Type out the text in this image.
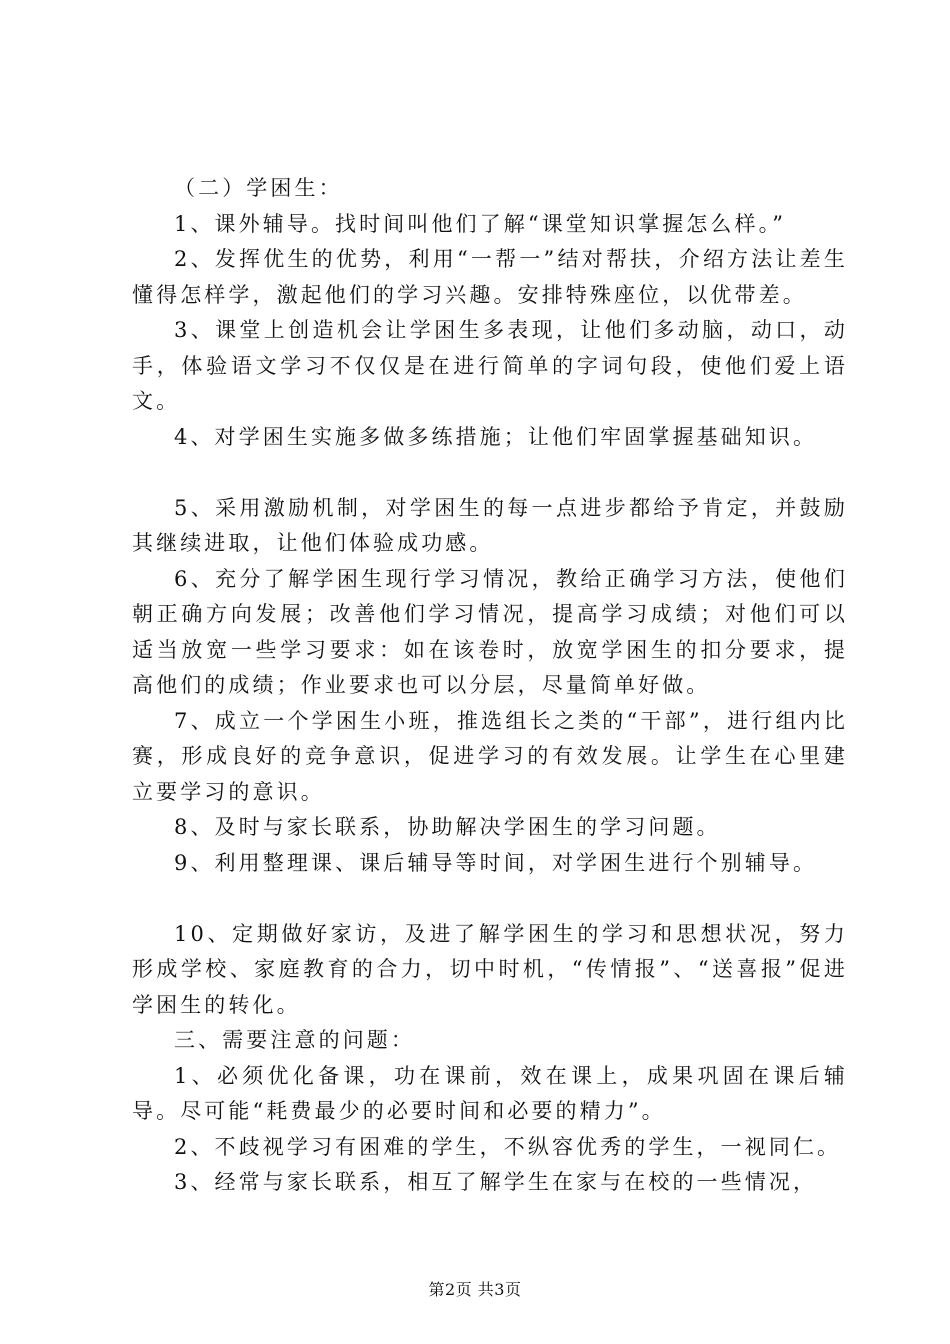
（二）学困生：

1、课外辅导。找时间叫他们了解“课堂知识掌握怎么样。”

2、发挥优生的优势，利用“一帮一”结对帮扶，介绍方法让差生懂得怎样学，激起他们的学习兴趣。安排特殊座位，以优带差。

3、课堂上创造机会让学困生多表现，让他们多动脑，动口，动手，体验语文学习不仅仅是在进行简单的字词句段，使他们爱上语文。

4、对学困生实施多做多练措施；让他们牢固掌握基础知识。

5、采用激励机制，对学困生的每一点进步都给予肯定，并鼓励其继续进取，让他们体验成功感。

6、充分了解学困生现行学习情况，教给正确学习方法，使他们朝正确方向发展；改善他们学习情况，提高学习成绩；对他们可以适当放宽一些学习要求：如在该卷时，放宽学困生的扣分要求，提高他们的成绩；作业要求也可以分层，尽量简单好做。

7、成立一个学困生小班，推选组长之类的“干部”，进行组内比赛，形成良好的竞争意识，促进学习的有效发展。让学生在心里建立要学习的意识。

8、及时与家长联系，协助解决学困生的学习问题。

9、利用整理课、课后辅导等时间，对学困生进行个别辅导。

10、定期做好家访，及进了解学困生的学习和思想状况，努力形成学校、家庭教育的合力，切中时机，“传情报”、“送喜报”促进学困生的转化。

三、需要注意的问题：

1、必须优化备课，功在课前，效在课上，成果巩固在课后辅导。尽可能“耗费最少的必要时间和必要的精力”。

2、不歧视学习有困难的学生，不纵容优秀的学生，一视同仁。

3、经常与家长联系，相互了解学生在家与在校的一些情况，

第2页 共3页
